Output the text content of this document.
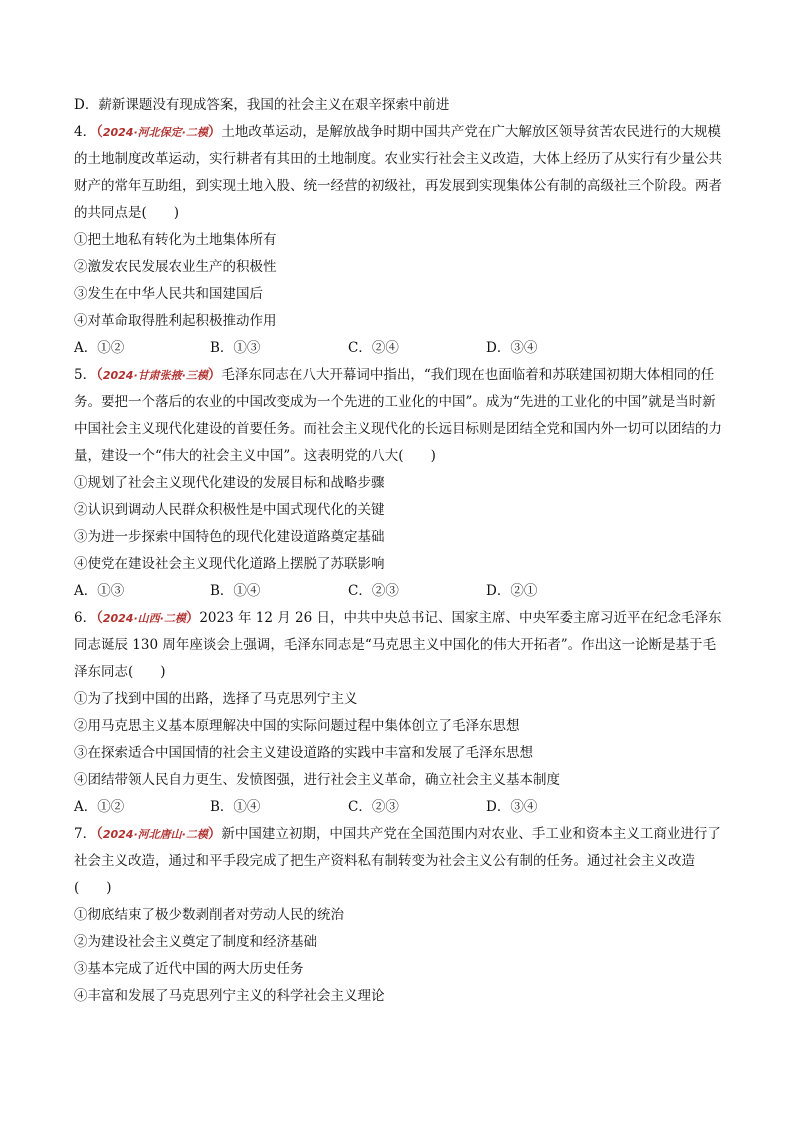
D．薪新课题没有现成答案，我国的社会主义在艰辛探索中前进
4．（2024·河北保定·二模）土地改革运动，是解放战争时期中国共产党在广大解放区领导贫苦农民进行的大规模的土地制度改革运动，实行耕者有其田的土地制度。农业实行社会主义改造，大体上经历了从实行有少量公共财产的常年互助组，到实现土地入股、统一经营的初级社，再发展到实现集体公有制的高级社三个阶段。两者的共同点是(　　)
①把土地私有转化为土地集体所有
②激发农民发展农业生产的积极性
③发生在中华人民共和国建国后
④对革命取得胜利起积极推动作用
A．①②	B．①③	C．②④	D．③④
5．（2024·甘肃张掖·三模）毛泽东同志在八大开幕词中指出，“我们现在也面临着和苏联建国初期大体相同的任务。要把一个落后的农业的中国改变成为一个先进的工业化的中国”。成为“先进的工业化的中国”就是当时新中国社会主义现代化建设的首要任务。而社会主义现代化的长远目标则是团结全党和国内外一切可以团结的力量，建设一个“伟大的社会主义中国”。这表明党的八大(　　)
①规划了社会主义现代化建设的发展目标和战略步骤
②认识到调动人民群众积极性是中国式现代化的关键
③为进一步探索中国特色的现代化建设道路奠定基础
④使党在建设社会主义现代化道路上摆脱了苏联影响
A．①③	B．①④	C．②③	D．②①
6．（2024·山西·二模）2023 年 12 月 26 日，中共中央总书记、国家主席、中央军委主席习近平在纪念毛泽东同志诞辰 130 周年座谈会上强调，毛泽东同志是“马克思主义中国化的伟大开拓者”。作出这一论断是基于毛泽东同志(　　)
①为了找到中国的出路，选择了马克思列宁主义
②用马克思主义基本原理解决中国的实际问题过程中集体创立了毛泽东思想
③在探索适合中国国情的社会主义建设道路的实践中丰富和发展了毛泽东思想
④团结带领人民自力更生、发愤图强，进行社会主义革命，确立社会主义基本制度
A．①②	B．①④	C．②③	D．③④
7．（2024·河北唐山·二模）新中国建立初期，中国共产党在全国范围内对农业、手工业和资本主义工商业进行了社会主义改造，通过和平手段完成了把生产资料私有制转变为社会主义公有制的任务。通过社会主义改造(　　)
①彻底结束了极少数剥削者对劳动人民的统治
②为建设社会主义奠定了制度和经济基础
③基本完成了近代中国的两大历史任务
④丰富和发展了马克思列宁主义的科学社会主义理论
